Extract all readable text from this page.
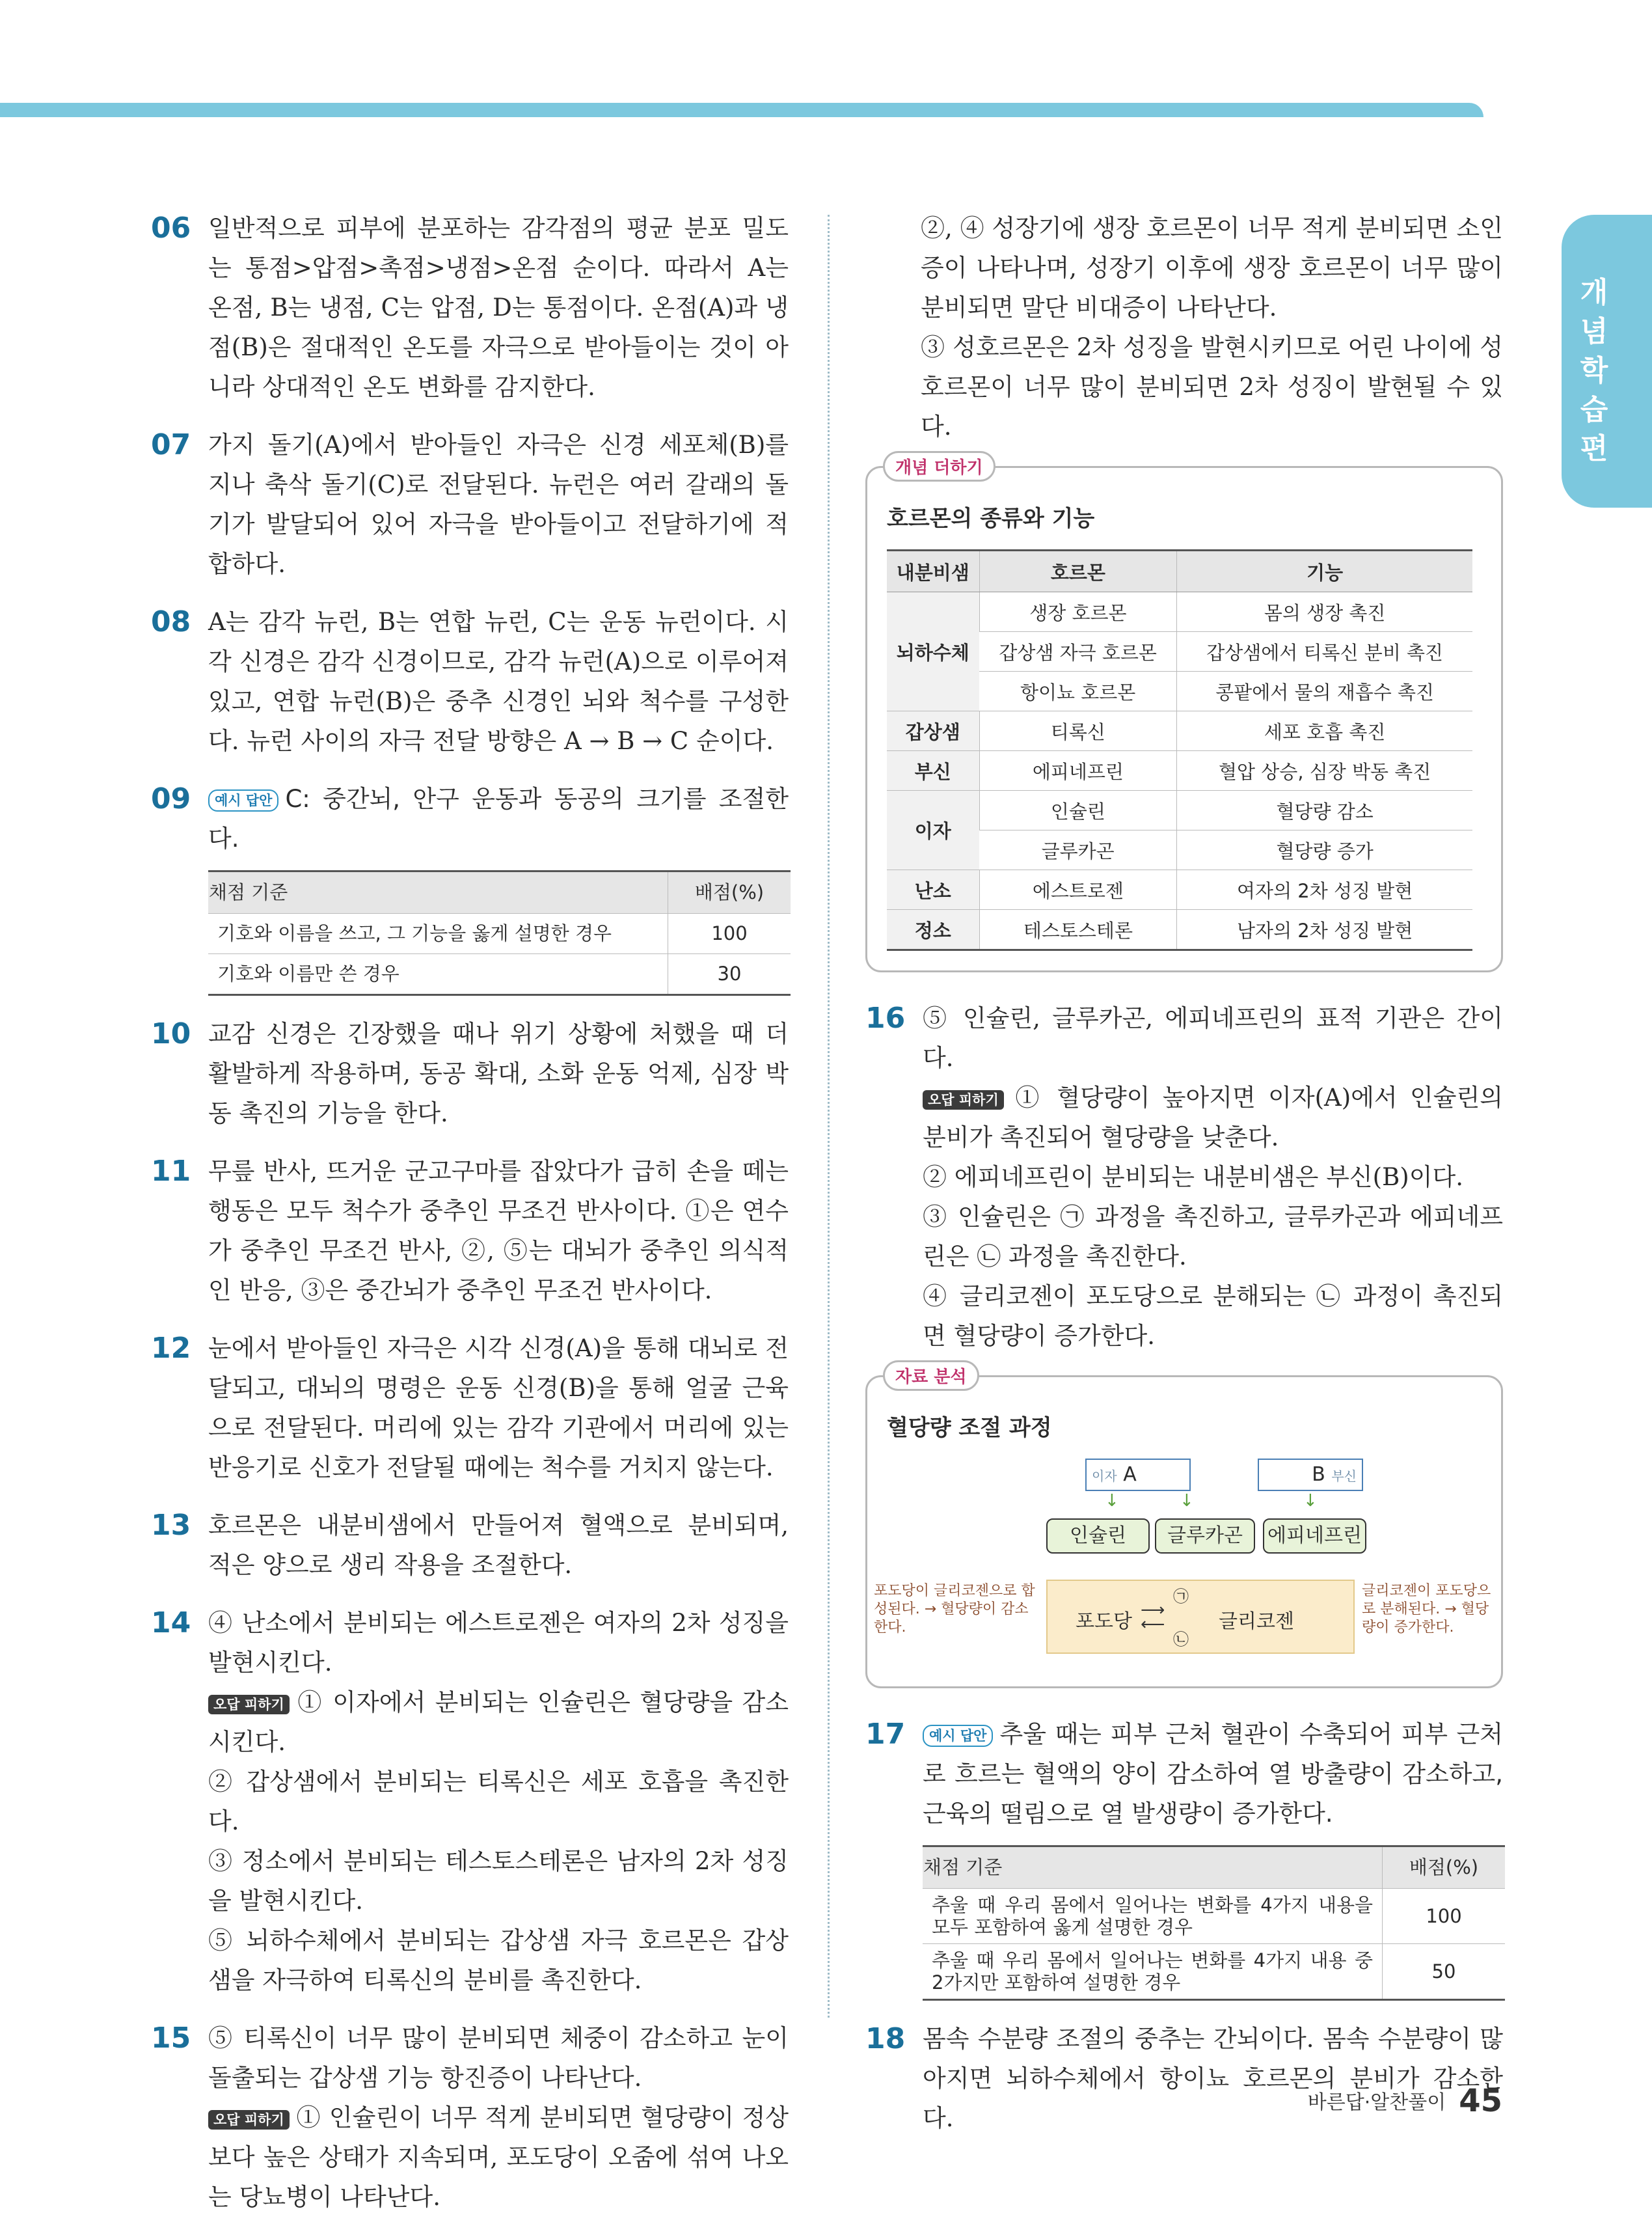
개념학습편
06 일반적으로 피부에 분포하는 감각점의 평균 분포 밀도는 통점>압점>촉점>냉점>온점 순이다. 따라서 A는 온점, B는 냉점, C는 압점, D는 통점이다. 온점(A)과 냉점(B)은 절대적인 온도를 자극으로 받아들이는 것이 아니라 상대적인 온도 변화를 감지한다.

07 가지 돌기(A)에서 받아들인 자극은 신경 세포체(B)를 지나 축삭 돌기(C)로 전달된다. 뉴런은 여러 갈래의 돌기가 발달되어 있어 자극을 받아들이고 전달하기에 적합하다.

08 A는 감각 뉴런, B는 연합 뉴런, C는 운동 뉴런이다. 시각 신경은 감각 신경이므로, 감각 뉴런(A)으로 이루어져 있고, 연합 뉴런(B)은 중추 신경인 뇌와 척수를 구성한다. 뉴런 사이의 자극 전달 방향은 A → B → C 순이다.

09	예시 답안 C: 중간뇌, 안구 운동과 동공의 크기를 조절한다.

채점 기준	배점(%)
기호와 이름을 쓰고, 그 기능을 옳게 설명한 경우	100
기호와 이름만 쓴 경우	30
10 교감 신경은 긴장했을 때나 위기 상황에 처했을 때 더 활발하게 작용하며, 동공 확대, 소화 운동 억제, 심장 박동 촉진의 기능을 한다.

11 무릎 반사, 뜨거운 군고구마를 잡았다가 급히 손을 떼는 행동은 모두 척수가 중추인 무조건 반사이다. ①은 연수가 중추인 무조건 반사, ②, ⑤는 대뇌가 중추인 의식적인 반응, ③은 중간뇌가 중추인 무조건 반사이다.

12 눈에서 받아들인 자극은 시각 신경(A)을 통해 대뇌로 전달되고, 대뇌의 명령은 운동 신경(B)을 통해 얼굴 근육으로 전달된다. 머리에 있는 감각 기관에서 머리에 있는 반응기로 신호가 전달될 때에는 척수를 거치지 않는다.

13 호르몬은 내분비샘에서 만들어져 혈액으로 분비되며, 적은 양으로 생리 작용을 조절한다.

14 ④ 난소에서 분비되는 에스트로젠은 여자의 2차 성징을 발현시킨다.

오답 피하기 ① 이자에서 분비되는 인슐린은 혈당량을 감소시킨다.

② 갑상샘에서 분비되는 티록신은 세포 호흡을 촉진한다.

③ 정소에서 분비되는 테스토스테론은 남자의 2차 성징을 발현시킨다.

⑤ 뇌하수체에서 분비되는 갑상샘 자극 호르몬은 갑상샘을 자극하여 티록신의 분비를 촉진한다.

15 ⑤ 티록신이 너무 많이 분비되면 체중이 감소하고 눈이 돌출되는 갑상샘 기능 항진증이 나타난다.

오답 피하기 ① 인슐린이 너무 적게 분비되면 혈당량이 정상보다 높은 상태가 지속되며, 포도당이 오줌에 섞여 나오는 당뇨병이 나타난다.

②, ④ 성장기에 생장 호르몬이 너무 적게 분비되면 소인증이 나타나며, 성장기 이후에 생장 호르몬이 너무 많이 분비되면 말단 비대증이 나타난다.

③ 성호르몬은 2차 성징을 발현시키므로 어린 나이에 성호르몬이 너무 많이 분비되면 2차 성징이 발현될 수 있다.

개념 더하기
호르몬의 종류와 기능
내분비샘	호르몬	기능
뇌하수체	생장 호르몬	몸의 생장 촉진
	갑상샘 자극 호르몬	갑상샘에서 티록신 분비 촉진
	항이뇨 호르몬	콩팥에서 물의 재흡수 촉진
갑상샘	티록신	세포 호흡 촉진
부신	에피네프린	혈압 상승, 심장 박동 촉진
이자	인슐린	혈당량 감소
	글루카곤	혈당량 증가
난소	에스트로젠	여자의 2차 성징 발현
정소	테스토스테론	남자의 2차 성징 발현
16 ⑤ 인슐린, 글루카곤, 에피네프린의 표적 기관은 간이다.

오답 피하기 ① 혈당량이 높아지면 이자(A)에서 인슐린의 분비가 촉진되어 혈당량을 낮춘다.

② 에피네프린이 분비되는 내분비샘은 부신(B)이다.

③ 인슐린은 ㉠ 과정을 촉진하고, 글루카곤과 에피네프린은 ㉡ 과정을 촉진한다.

④ 글리코젠이 포도당으로 분해되는 ㉡ 과정이 촉진되면 혈당량이 증가한다.

자료 분석
혈당량 조절 과정
이자 A	B 부신
↓	↓	↓
인슐린	글루카곤	에피네프린
포도당	글리코젠
㉠
㉡
⟶
⟵
포도당이 글리코젠으로 합성된다. → 혈당량이 감소한다.
글리코젠이 포도당으로 분해된다. → 혈당량이 증가한다.
17	예시 답안 추울 때는 피부 근처 혈관이 수축되어 피부 근처로 흐르는 혈액의 양이 감소하여 열 방출량이 감소하고, 근육의 떨림으로 열 발생량이 증가한다.

채점 기준	배점(%)
추울 때 우리 몸에서 일어나는 변화를 4가지 내용을 모두 포함하여 옳게 설명한 경우	100
추울 때 우리 몸에서 일어나는 변화를 4가지 내용 중 2가지만 포함하여 설명한 경우	50
18 몸속 수분량 조절의 중추는 간뇌이다. 몸속 수분량이 많아지면 뇌하수체에서 항이뇨 호르몬의 분비가 감소한다.

바른답·알찬풀이 45
